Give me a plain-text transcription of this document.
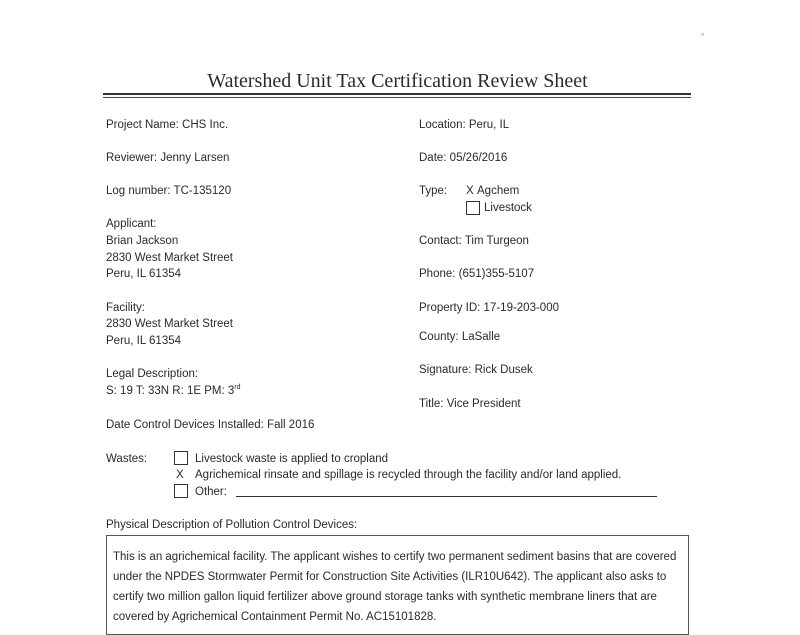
°
Watershed Unit Tax Certification Review Sheet
Project Name: CHS Inc.
Reviewer: Jenny Larsen
Log number: TC-135120
Applicant:
Brian Jackson
2830 West Market Street
Peru, IL 61354
Facility:
2830 West Market Street
Peru, IL 61354
Legal Description:
S: 19 T: 33N R: 1E PM: 3rd
Date Control Devices Installed: Fall 2016
Location: Peru, IL
Date: 05/26/2016
Type: X Agchem
Livestock
Contact: Tim Turgeon
Phone: (651)355-5107
Property ID: 17-19-203-000
County: LaSalle
Signature: Rick Dusek
Title: Vice President
Wastes:	Livestock waste is applied to cropland
X Agrichemical rinsate and spillage is recycled through the facility and/or land applied.
Other:
Physical Description of Pollution Control Devices:
This is an agrichemical facility. The applicant wishes to certify two permanent sediment basins that are covered under the NPDES Stormwater Permit for Construction Site Activities (ILR10U642). The applicant also asks to certify two million gallon liquid fertilizer above ground storage tanks with synthetic membrane liners that are covered by Agrichemical Containment Permit No. AC15101828.
